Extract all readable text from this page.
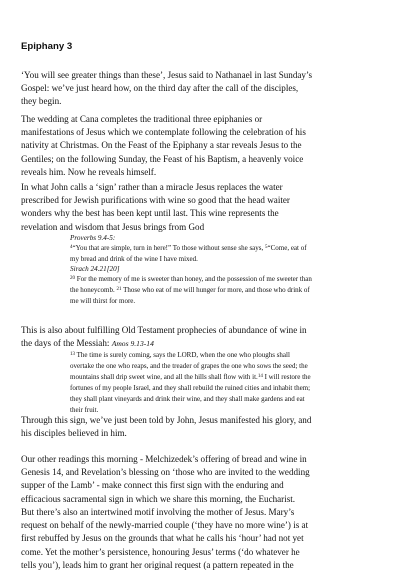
Epiphany 3
‘You will see greater things than these’, Jesus said to Nathanael in last Sunday’s
Gospel: we’ve just heard how, on the third day after the call of the disciples,
they begin.
The wedding at Cana completes the traditional three epiphanies or
manifestations of Jesus which we contemplate following the celebration of his
nativity at Christmas. On the Feast of the Epiphany a star reveals Jesus to the
Gentiles; on the following Sunday, the Feast of his Baptism, a heavenly voice
reveals him. Now he reveals himself.
In what John calls a ‘sign’ rather than a miracle Jesus replaces the water
prescribed for Jewish purifications with wine so good that the head waiter
wonders why the best has been kept until last. This wine represents the
revelation and wisdom that Jesus brings from God
Proverbs 9.4-5:
$^4$“You that are simple, turn in here!” To those without sense she says, $^5$“Come, eat of
my bread and drink of the wine I have mixed.
Sirach 24.21[20]
$^{20}$ For the memory of me is sweeter than honey, and the possession of me sweeter than
the honeycomb. $^{21}$ Those who eat of me will hunger for more, and those who drink of
me will thirst for more.
This is also about fulfilling Old Testament prophecies of abundance of wine in
the days of the Messiah: Amos 9.13-14
$^{13}$ The time is surely coming, says the LORD, when the one who ploughs shall
overtake the one who reaps, and the treader of grapes the one who sows the seed; the
mountains shall drip sweet wine, and all the hills shall flow with it.$^{14}$ I will restore the
fortunes of my people Israel, and they shall rebuild the ruined cities and inhabit them;
they shall plant vineyards and drink their wine, and they shall make gardens and eat
their fruit.
Through this sign, we’ve just been told by John, Jesus manifested his glory, and
his disciples believed in him.
Our other readings this morning - Melchizedek’s offering of bread and wine in
Genesis 14, and Revelation’s blessing on ‘those who are invited to the wedding
supper of the Lamb’ - make connect this first sign with the enduring and
efficacious sacramental sign in which we share this morning, the Eucharist.
But there’s also an intertwined motif involving the mother of Jesus. Mary’s
request on behalf of the newly-married couple (‘they have no more wine’) is at
first rebuffed by Jesus on the grounds that what he calls his ‘hour’ had not yet
come. Yet the mother’s persistence, honouring Jesus’ terms (‘do whatever he
tells you’), leads him to grant her original request (a pattern repeated in the
